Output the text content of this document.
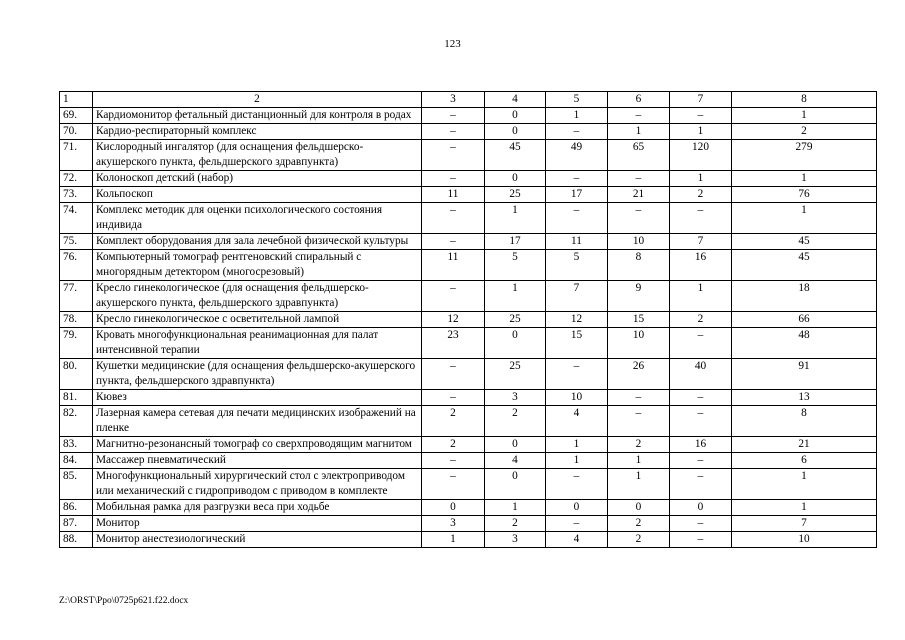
123
1	2	3	4	5	6	7	8
69.	Кардиомонитор фетальный дистанционный для контроля в родах	–	0	1	–	–	1
70.	Кардио-респираторный комплекс	–	0	–	1	1	2
71.	Кислородный ингалятор (для оснащения фельдшерско-акушерского пункта, фельдшерского здравпункта)	–	45	49	65	120	279
72.	Колоноскоп детский (набор)	–	0	–	–	1	1
73.	Кольпоскоп	11	25	17	21	2	76
74.	Комплекс методик для оценки психологического состояния индивида	–	1	–	–	–	1
75.	Комплект оборудования для зала лечебной физической культуры	–	17	11	10	7	45
76.	Компьютерный томограф рентгеновский спиральный с многорядным детектором (многосрезовый)	11	5	5	8	16	45
77.	Кресло гинекологическое (для оснащения фельдшерско-акушерского пункта, фельдшерского здравпункта)	–	1	7	9	1	18
78.	Кресло гинекологическое с осветительной лампой	12	25	12	15	2	66
79.	Кровать многофункциональная реанимационная для палат интенсивной терапии	23	0	15	10	–	48
80.	Кушетки медицинские (для оснащения фельдшерско-акушерского пункта, фельдшерского здравпункта)	–	25	–	26	40	91
81.	Кювез	–	3	10	–	–	13
82.	Лазерная камера сетевая для печати медицинских изображений на пленке	2	2	4	–	–	8
83.	Магнитно-резонансный томограф со сверхпроводящим магнитом	2	0	1	2	16	21
84.	Массажер пневматический	–	4	1	1	–	6
85.	Многофункциональный хирургический стол с электроприводом или механический с гидроприводом с приводом в комплекте	–	0	–	1	–	1
86.	Мобильная рамка для разгрузки веса при ходьбе	0	1	0	0	0	1
87.	Монитор	3	2	–	2	–	7
88.	Монитор анестезиологический	1	3	4	2	–	10
Z:\ORST\Ppo\0725p621.f22.docx
